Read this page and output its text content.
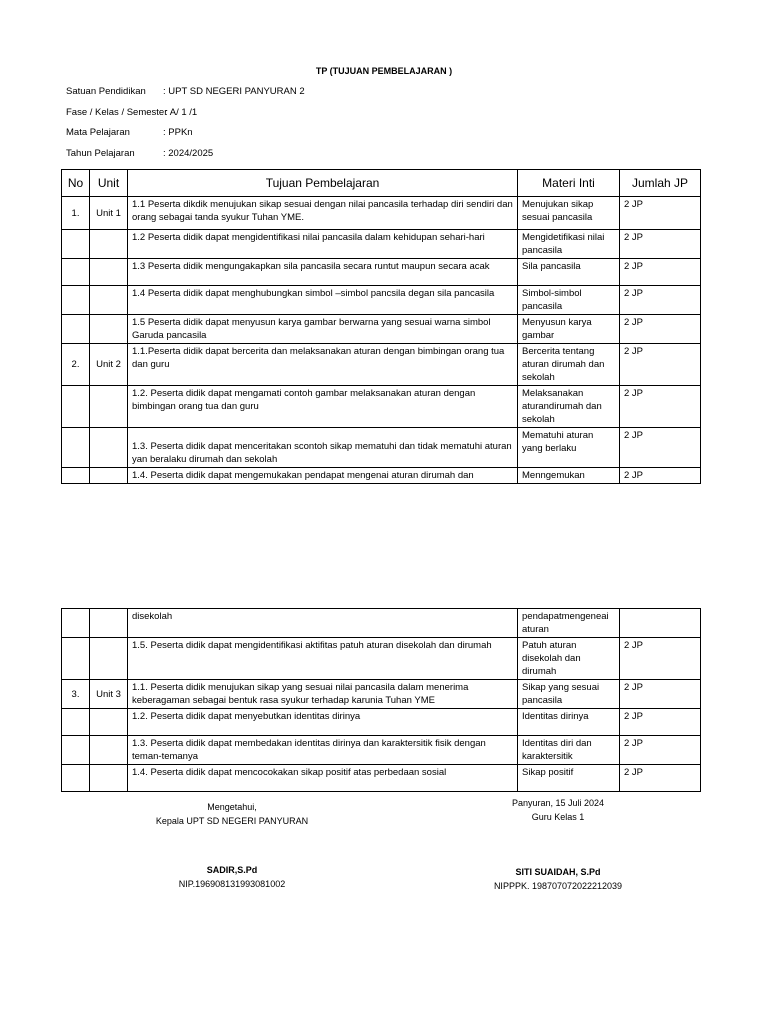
TP (TUJUAN PEMBELAJARAN )
Satuan Pendidikan : UPT SD NEGERI PANYURAN 2
Fase / Kelas / Semester
: A/ 1 /1
Mata Pelajaran	: PPKn
Tahun Pelajaran	: 2024/2025
No	Unit	Tujuan Pembelajaran	Materi Inti	Jumlah JP
1.	Unit 1	1.1 Peserta dikdik menujukan sikap sesuai dengan nilai pancasila terhadap diri sendiri dan orang sebagai tanda syukur Tuhan YME.	Menujukan sikap sesuai pancasila	2 JP
		1.2 Peserta didik dapat mengidentifikasi nilai pancasila dalam kehidupan sehari-hari	Mengidetifikasi nilai pancasila	2 JP
		1.3 Peserta didik mengungakapkan sila pancasila secara runtut maupun secara acak	Sila pancasila	2 JP
		1.4 Peserta didik dapat menghubungkan simbol –simbol pancsila degan sila pancasila	Simbol-simbol pancasila	2 JP
		1.5 Peserta didik dapat menyusun karya gambar berwarna yang sesuai warna simbol Garuda pancasila	Menyusun karya gambar	2 JP
2.	Unit 2	1.1.Peserta didik dapat bercerita dan melaksanakan aturan dengan bimbingan orang tua dan guru	Bercerita tentang aturan dirumah dan sekolah	2 JP
		1.2. Peserta didik dapat mengamati contoh gambar melaksanakan aturan dengan bimbingan orang tua dan guru	Melaksanakan aturandirumah dan sekolah	2 JP
		1.3. Peserta didik dapat menceritakan scontoh sikap mematuhi dan tidak mematuhi aturan yan beralaku dirumah dan sekolah	Mematuhi aturan yang berlaku	2 JP
		1.4. Peserta didik dapat mengemukakan pendapat mengenai aturan dirumah dan	Menngemukan	2 JP
		disekolah	pendapatmengeneai aturan	
		1.5. Peserta didik dapat mengidentifikasi aktifitas patuh aturan disekolah dan dirumah	Patuh aturan disekolah dan dirumah	2 JP
3.	Unit 3	1.1. Peserta didik menujukan sikap yang sesuai nilai pancasila dalam menerima keberagaman sebagai bentuk rasa syukur terhadap karunia Tuhan YME	Sikap yang sesuai pancasila	2 JP
		1.2. Peserta didik dapat menyebutkan identitas dirinya	Identitas dirinya	2 JP
		1.3. Peserta didik dapat membedakan identitas dirinya dan karaktersitik fisik dengan teman-temanya	Identitas diri dan karaktersitik	2 JP
		1.4. Peserta didik dapat mencocokakan sikap positif atas perbedaan sosial	Sikap positif	2 JP
Mengetahui,
Kepala UPT SD NEGERI PANYURAN
SADIR,S.Pd
NIP.196908131993081002
Panyuran, 15 Juli 2024
Guru Kelas 1
SITI SUAIDAH, S.Pd
NIPPPK. 198707072022212039
